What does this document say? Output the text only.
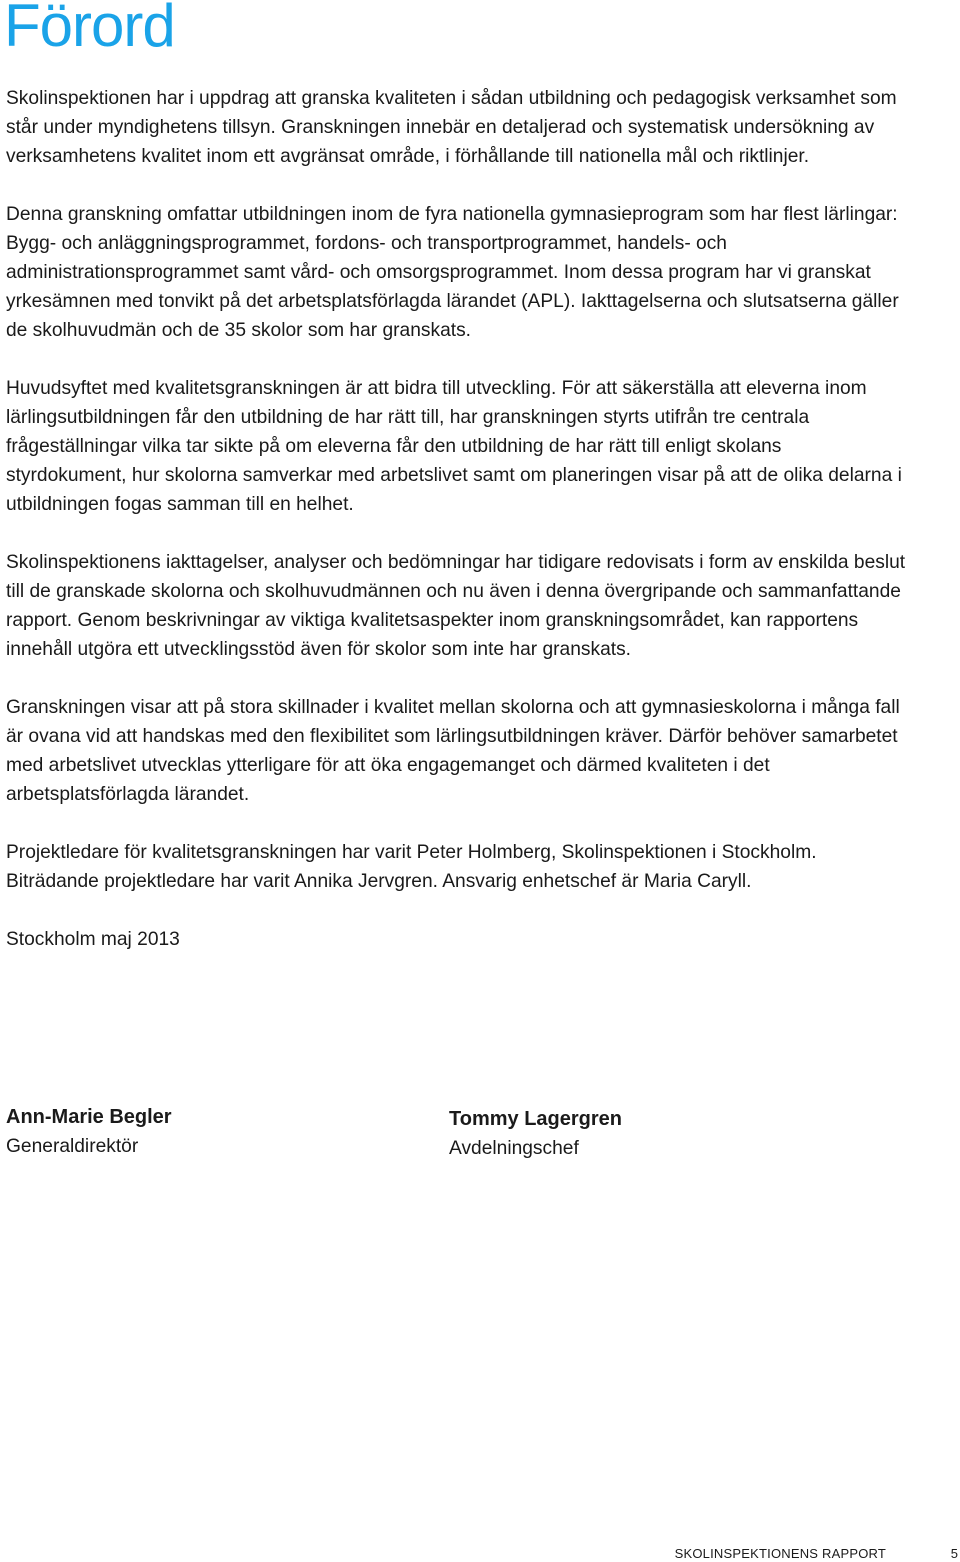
Förord

Skolinspektionen har i uppdrag att granska kvaliteten i sådan utbildning och pedagogisk verksamhet som står under myndighetens tillsyn. Granskningen innebär en detaljerad och systematisk undersökning av verksamhetens kvalitet inom ett avgränsat område, i förhållande till nationella mål och riktlinjer.

Denna granskning omfattar utbildningen inom de fyra nationella gymnasieprogram som har flest lärlingar: Bygg- och anläggningsprogrammet, fordons- och transportprogrammet, handels- och administrationsprogrammet samt vård- och omsorgsprogrammet. Inom dessa program har vi granskat yrkesämnen med tonvikt på det arbetsplatsförlagda lärandet (APL). Iakttagelserna och slutsatserna gäller de skolhuvudmän och de 35 skolor som har granskats.

Huvudsyftet med kvalitetsgranskningen är att bidra till utveckling. För att säkerställa att eleverna inom lärlingsutbildningen får den utbildning de har rätt till, har granskningen styrts utifrån tre centrala frågeställningar vilka tar sikte på om eleverna får den utbildning de har rätt till enligt skolans styrdokument, hur skolorna samverkar med arbetslivet samt om planeringen visar på att de olika delarna i utbildningen fogas samman till en helhet.

Skolinspektionens iakttagelser, analyser och bedömningar har tidigare redovisats i form av enskilda beslut till de granskade skolorna och skolhuvudmännen och nu även i denna övergripande och sammanfattande rapport. Genom beskrivningar av viktiga kvalitetsaspekter inom granskningsområdet, kan rapportens innehåll utgöra ett utvecklingsstöd även för skolor som inte har granskats.

Granskningen visar att på stora skillnader i kvalitet mellan skolorna och att gymnasieskolorna i många fall är ovana vid att handskas med den flexibilitet som lärlingsutbildningen kräver. Därför behöver samarbetet med arbetslivet utvecklas ytterligare för att öka engagemanget och därmed kvaliteten i det arbetsplatsförlagda lärandet.

Projektledare för kvalitetsgranskningen har varit Peter Holmberg, Skolinspektionen i Stockholm. Biträdande projektledare har varit Annika Jervgren. Ansvarig enhetschef är Maria Caryll.

Stockholm maj 2013

Ann-Marie Begler
Generaldirektör
Tommy Lagergren
Avdelningschef
SKOLINSPEKTIONENS RAPPORT	5
